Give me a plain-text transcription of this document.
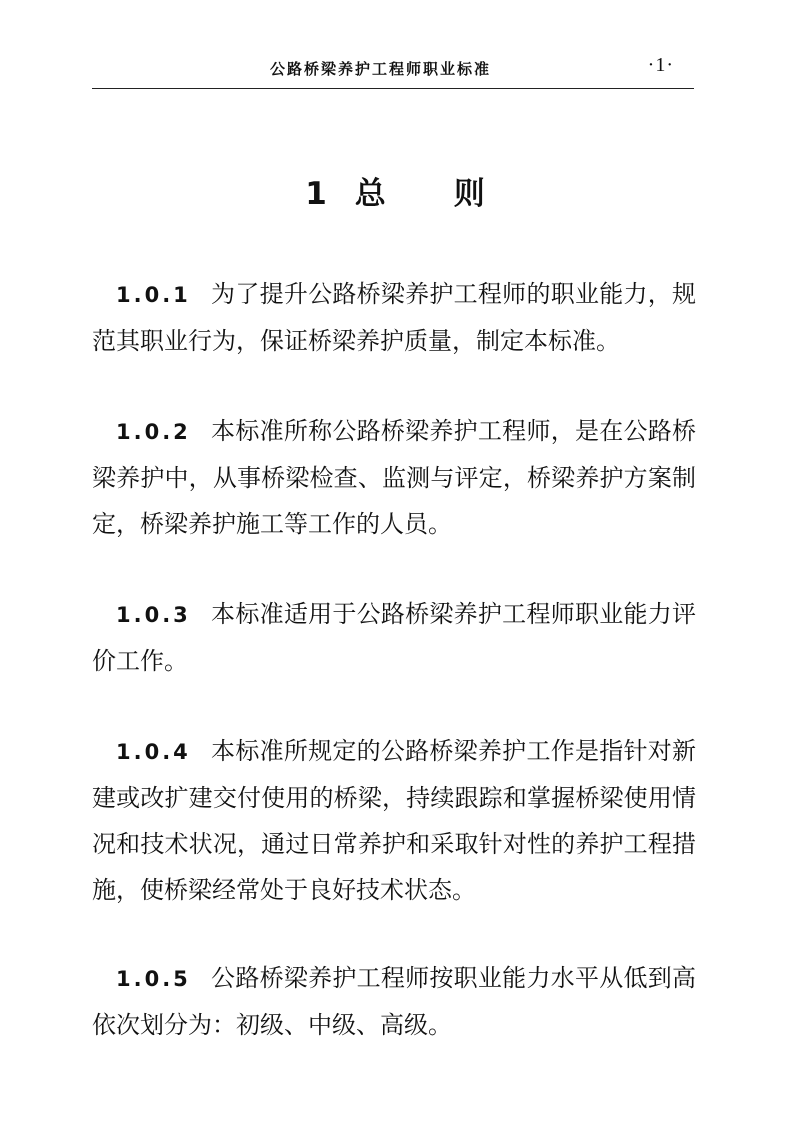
公路桥梁养护工程师职业标准	·1·
1 总 则

1.0.1 为了提升公路桥梁养护工程师的职业能力，规范其职业行为，保证桥梁养护质量，制定本标准。

1.0.2 本标准所称公路桥梁养护工程师，是在公路桥梁养护中，从事桥梁检查、监测与评定，桥梁养护方案制定，桥梁养护施工等工作的人员。

1.0.3 本标准适用于公路桥梁养护工程师职业能力评价工作。

1.0.4 本标准所规定的公路桥梁养护工作是指针对新建或改扩建交付使用的桥梁，持续跟踪和掌握桥梁使用情况和技术状况，通过日常养护和采取针对性的养护工程措施，使桥梁经常处于良好技术状态。

1.0.5 公路桥梁养护工程师按职业能力水平从低到高依次划分为：初级、中级、高级。
